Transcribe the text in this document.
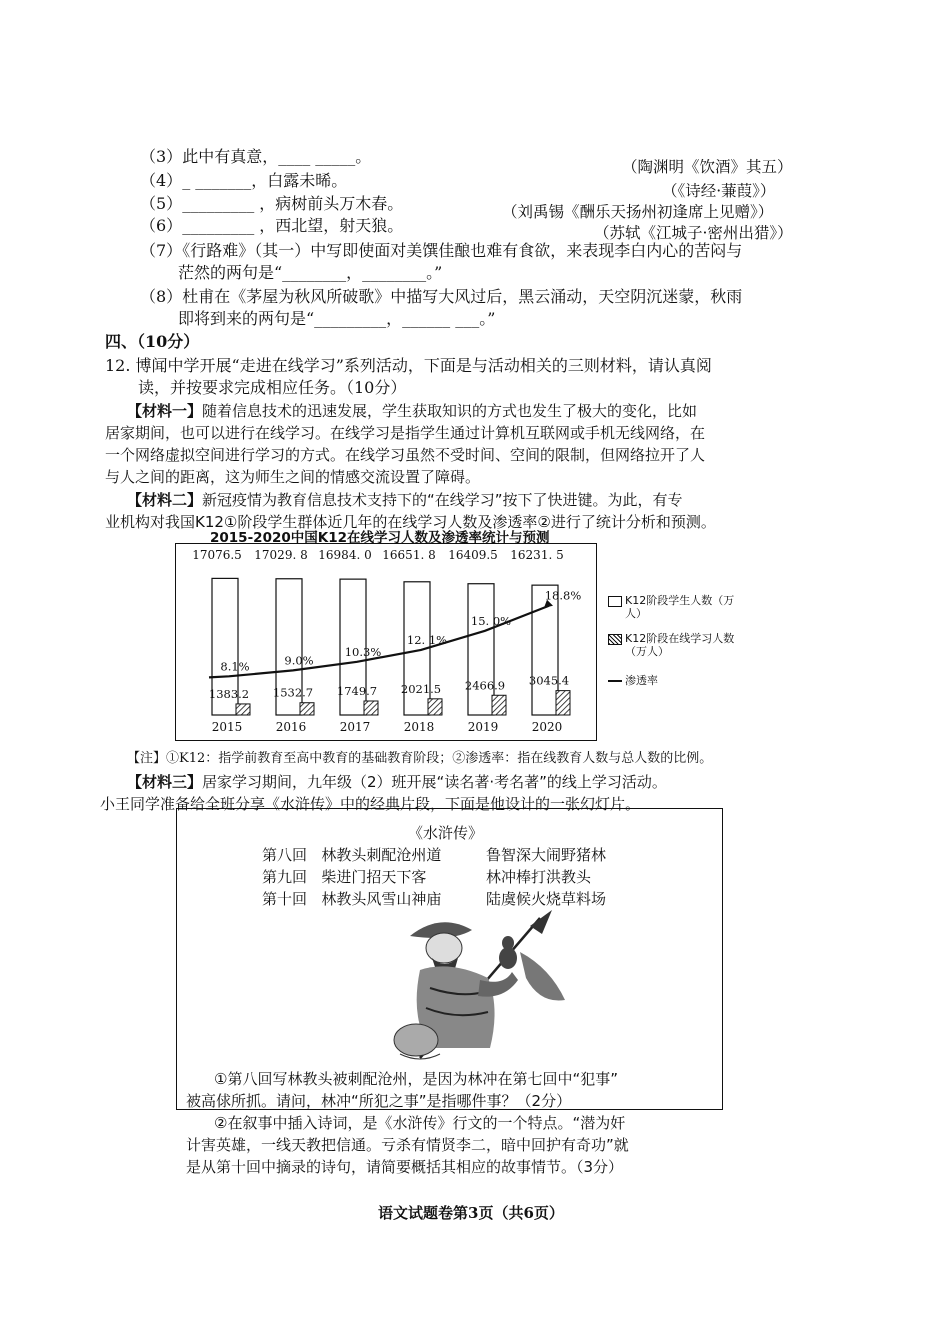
（3）此中有真意，____ _____。
（陶渊明《饮酒》其五）
（4）_ _______，白露未晞。
（《诗经·蒹葭》）
（5）_________ ，病树前头万木春。	（刘禹锡《酬乐天扬州初逢席上见赠》）
（6）_________ ，西北望，射天狼。	（苏轼《江城子·密州出猎》）
（7）《行路难》（其一）中写即使面对美馔佳酿也难有食欲，来表现李白内心的苦闷与
茫然的两句是“________，________。”
（8）杜甫在《茅屋为秋风所破歌》中描写大风过后，黑云涌动，天空阴沉迷蒙，秋雨
即将到来的两句是“_________，______ ___。”
四、（10分）
12. 博闻中学开展“走进在线学习”系列活动，下面是与活动相关的三则材料，请认真阅
读，并按要求完成相应任务。（10分）
【材料一】随着信息技术的迅速发展，学生获取知识的方式也发生了极大的变化，比如
居家期间，也可以进行在线学习。在线学习是指学生通过计算机互联网或手机无线网络，在
一个网络虚拟空间进行学习的方式。在线学习虽然不受时间、空间的限制，但网络拉开了人
与人之间的距离，这为师生之间的情感交流设置了障碍。
【材料二】新冠疫情为教育信息技术支持下的“在线学习”按下了快进键。为此，有专
业机构对我国K12①阶段学生群体近几年的在线学习人数及渗透率②进行了统计分析和预测。
2015-2020中国K12在线学习人数及渗透率统计与预测
17076.5
1383.2
2015
8.1%
17029. 8
1532.7
2016
9.0%
16984. 0
1749.7
2017
10.3%
16651. 8
2021.5
2018
12. 1%
16409.5
2466.9
2019
15. 0%
16231. 5
3045.4
2020
18.8%	K12阶段学生人数（万人）
K12阶段在线学习人数（万人）
渗透率
【注】①K12：指学前教育至高中教育的基础教育阶段；②渗透率：指在线教育人数与总人数的比例。
【材料三】居家学习期间，九年级（2）班开展“读名著·考名著”的线上学习活动。
小王同学准备给全班分享《水浒传》中的经典片段，下面是他设计的一张幻灯片。
《水浒传》
第八回 林教头刺配沧州道	鲁智深大闹野猪林
第九回 柴进门招天下客	林冲棒打洪教头
第十回 林教头风雪山神庙	陆虞候火烧草料场
①第八回写林教头被刺配沧州，是因为林冲在第七回中“犯事”
被高俅所抓。请问，林冲“所犯之事”是指哪件事？（2分）
②在叙事中插入诗词，是《水浒传》行文的一个特点。“潜为奸
计害英雄，一线天教把信通。亏杀有情贤李二，暗中回护有奇功”就
是从第十回中摘录的诗句，请简要概括其相应的故事情节。（3分）
语文试题卷第3页（共6页）
